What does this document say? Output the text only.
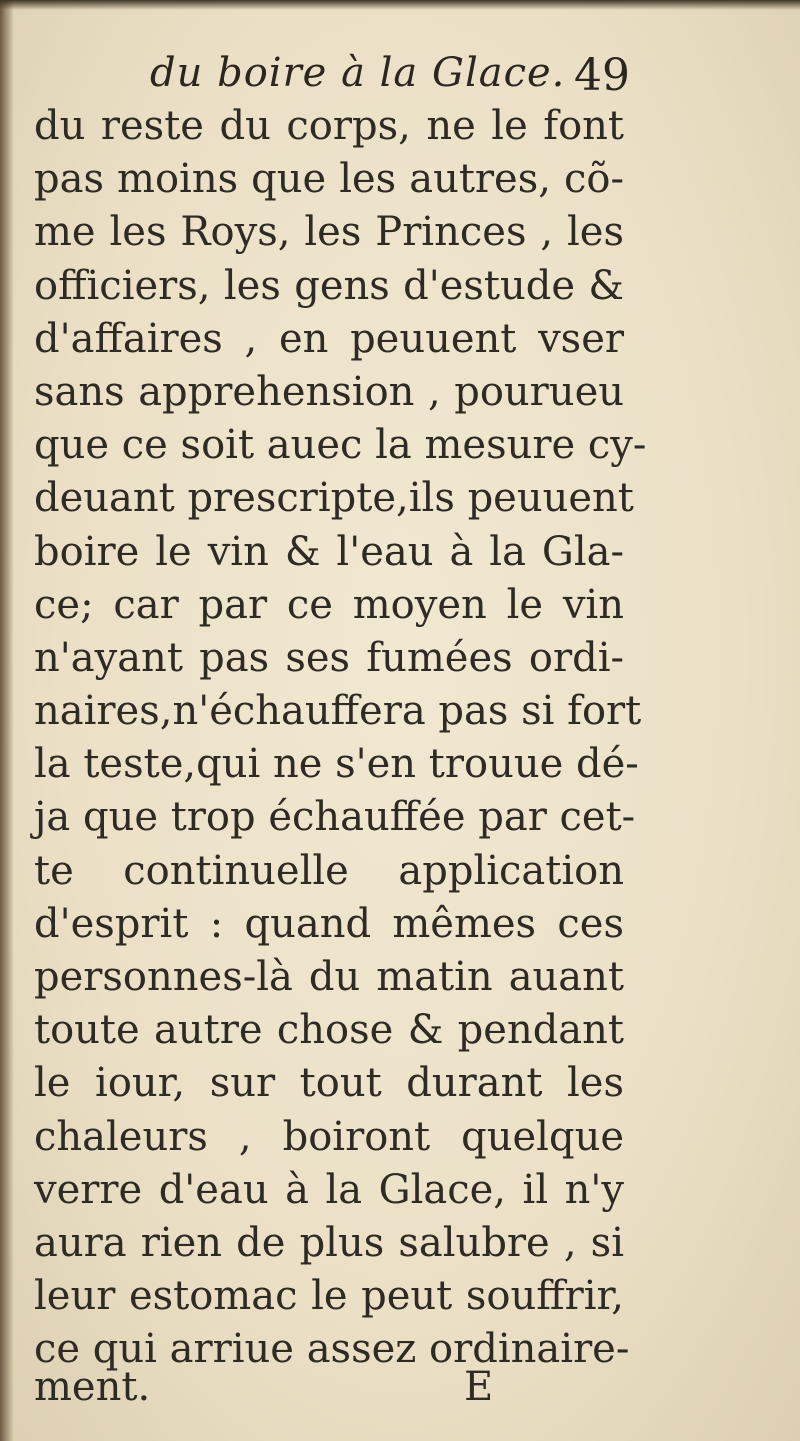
du boire à la Glace. 49
du reste du corps, ne le font
pas moins que les autres, cõ-
me les Roys, les Princes , les
officiers, les gens d'estude &
d'affaires , en peuuent vser
sans apprehension , pourueu
que ce soit auec la mesure cy-
deuant prescripte,ils peuuent
boire le vin & l'eau à la Gla-
ce; car par ce moyen le vin
n'ayant pas ses fumées ordi-
naires,n'échauffera pas si fort
la teste,qui ne s'en trouue dé-
ja que trop échauffée par cet-
te continuelle application
d'esprit : quand mêmes ces
personnes-là du matin auant
toute autre chose & pendant
le iour, sur tout durant les
chaleurs , boiront quelque
verre d'eau à la Glace, il n'y
aura rien de plus salubre , si
leur estomac le peut souffrir,
ce qui arriue assez ordinaire-
ment.	E
